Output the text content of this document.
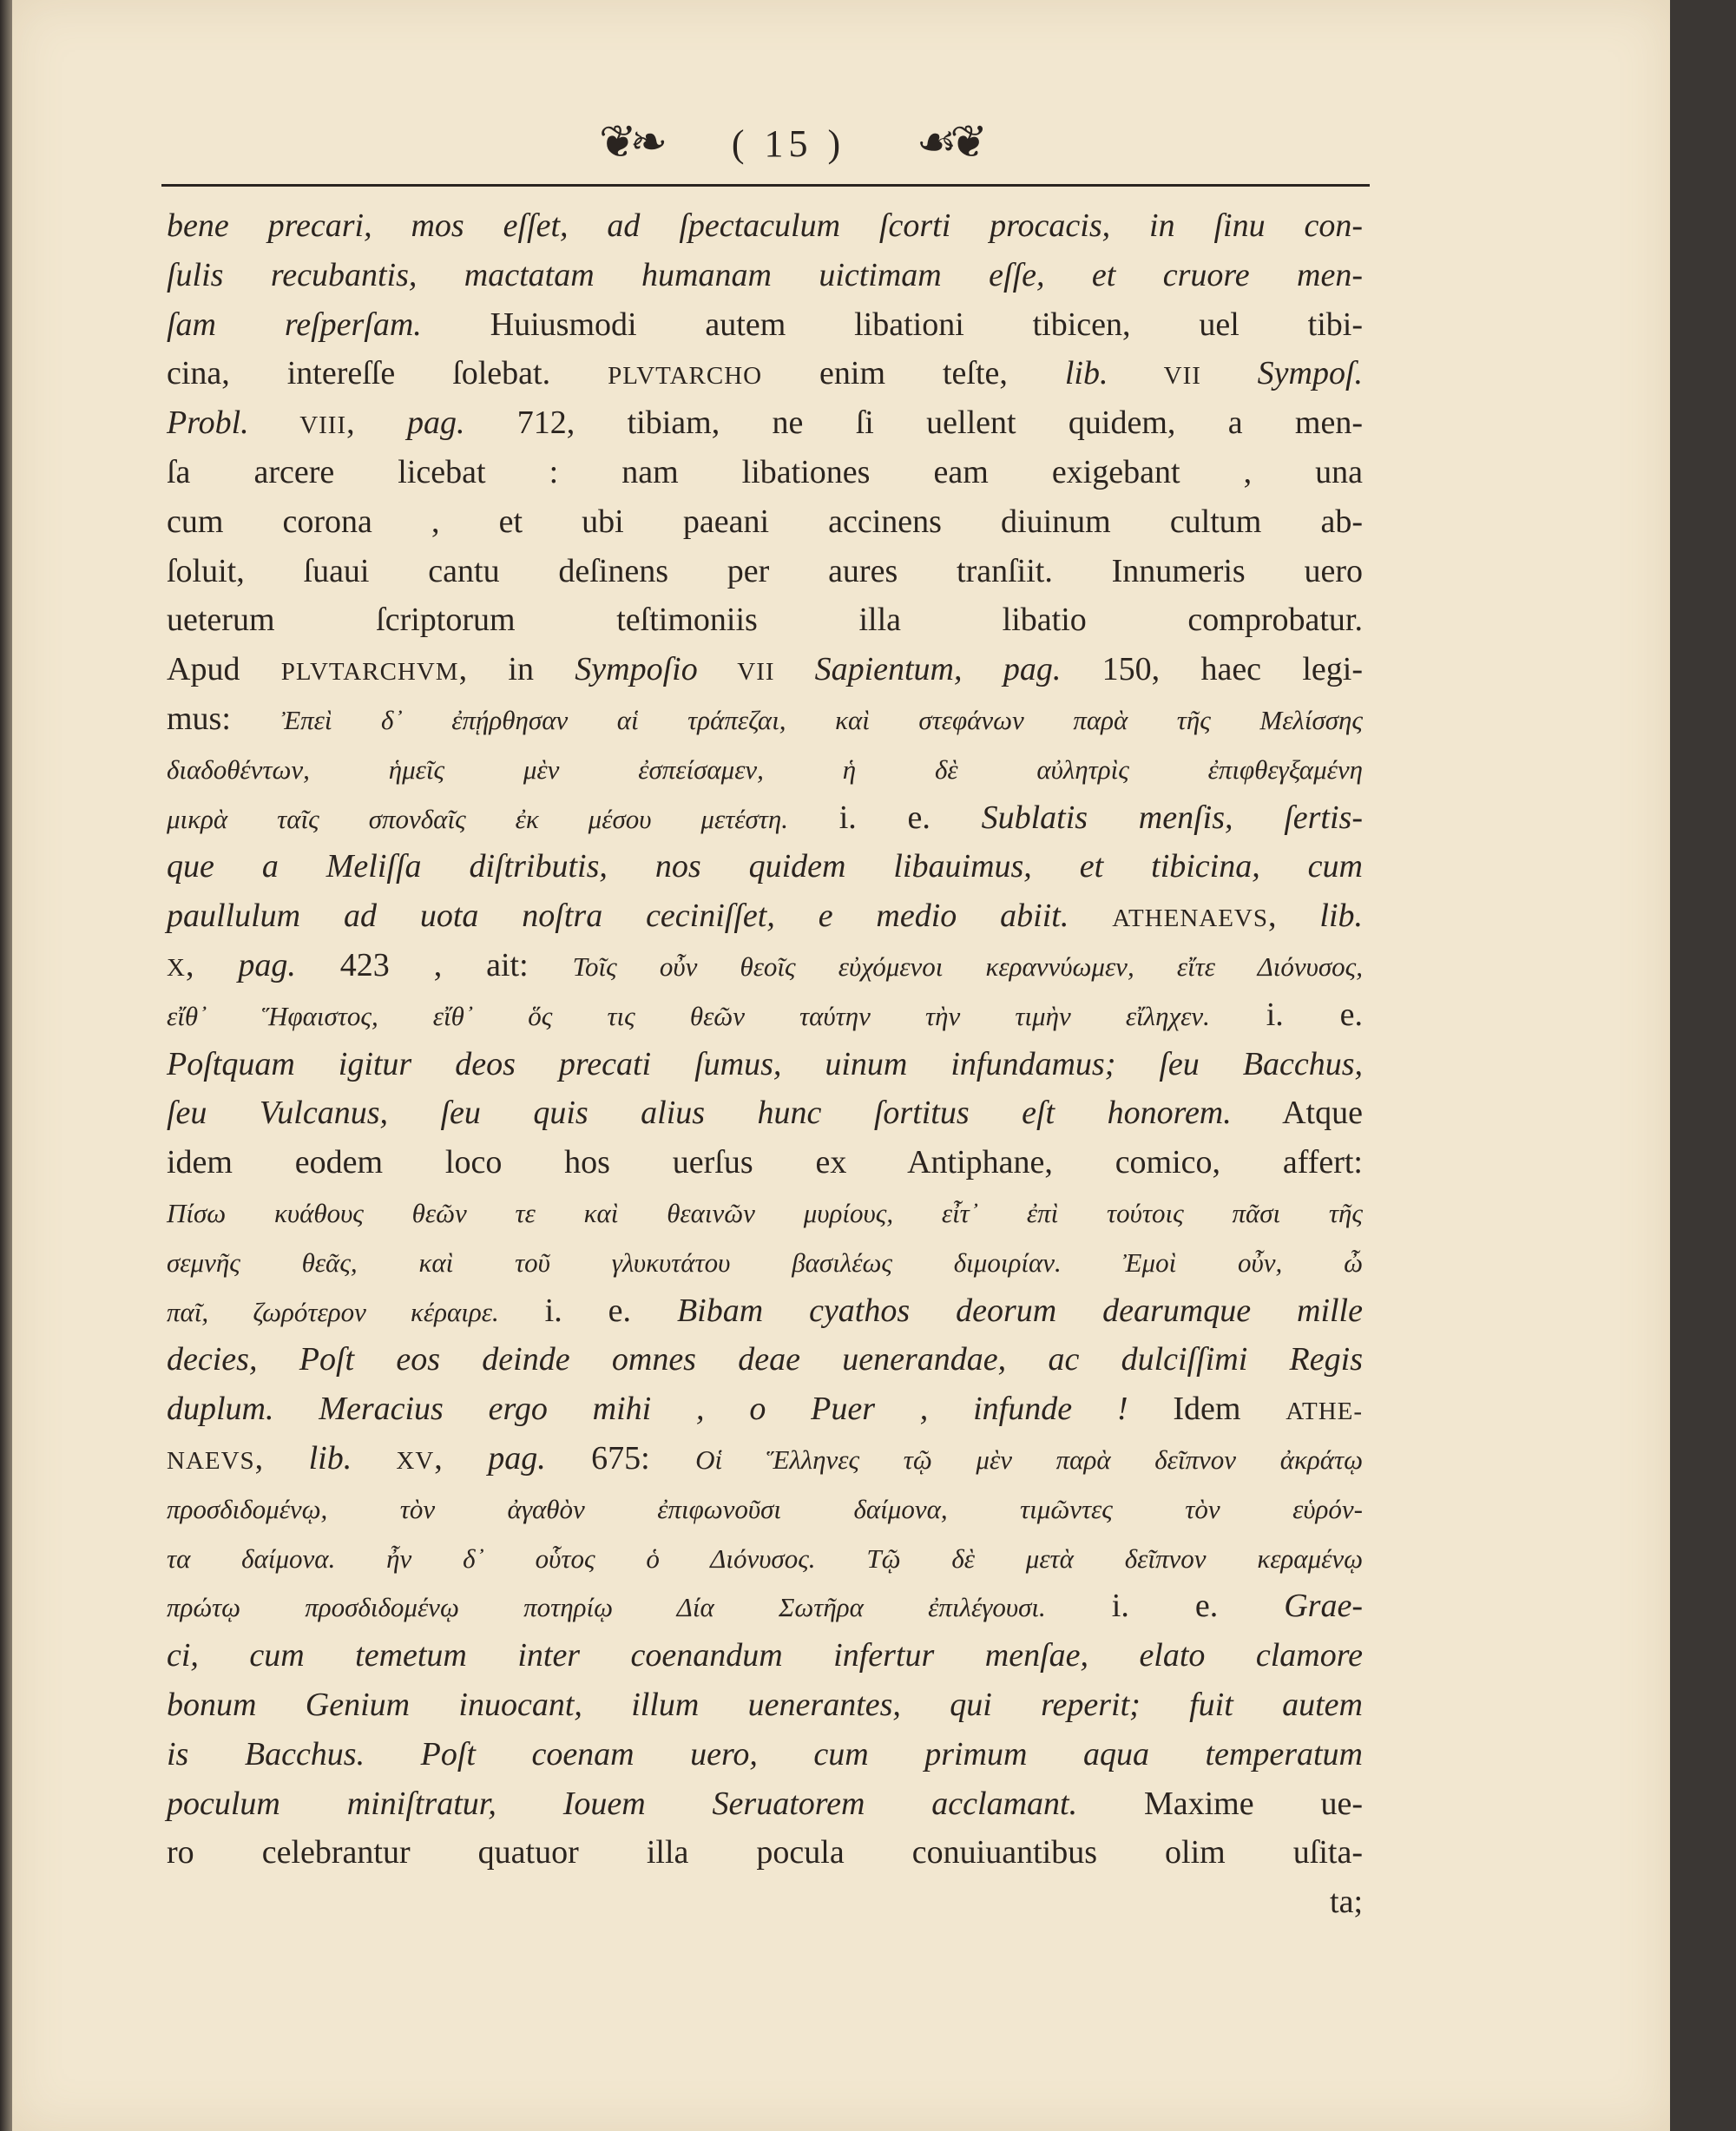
❦❧ ( 15 ) ☙❦
bene precari, mos eſſet, ad ſpectaculum ſcorti procacis, in ſinu con-
ſulis recubantis, mactatam humanam uictimam eſſe, et cruore men-
ſam reſperſam. Huiusmodi autem libationi tibicen, uel tibi-
cina, intereſſe ſolebat. PLVTARCHO enim teſte, lib. VII Sympoſ.
Probl. VIII, pag. 712, tibiam, ne ſi uellent quidem, a men-
ſa arcere licebat : nam libationes eam exigebant , una
cum corona , et ubi paeani accinens diuinum cultum ab-
ſoluit, ſuaui cantu deſinens per aures tranſiit. Innumeris uero
ueterum ſcriptorum teſtimoniis illa libatio comprobatur.
Apud PLVTARCHVM, in Sympoſio VII Sapientum, pag. 150, haec legi-
mus: Ἐπεὶ δ᾽ ἐπῄρθησαν αἱ τράπεζαι, καὶ στεφάνων παρὰ τῆς Μελίσσης
διαδοθέντων, ἡμεῖς μὲν ἐσπείσαμεν, ἡ δὲ αὐλητρὶς ἐπιφθεγξαμένη
μικρὰ ταῖς σπονδαῖς ἐκ μέσου μετέστη. i. e. Sublatis menſis, ſertis-
que a Meliſſa diſtributis, nos quidem libauimus, et tibicina, cum
paullulum ad uota noſtra ceciniſſet, e medio abiit. ATHENAEVS, lib.
X, pag. 423 , ait: Τοῖς οὖν θεοῖς εὐχόμενοι κεραννύωμεν, εἴτε Διόνυσος,
εἴθ᾽ Ἥφαιστος, εἴθ᾽ ὅς τις θεῶν ταύτην τὴν τιμὴν εἴληχεν. i. e.
Poſtquam igitur deos precati ſumus, uinum infundamus; ſeu Bacchus,
ſeu Vulcanus, ſeu quis alius hunc ſortitus eſt honorem. Atque
idem eodem loco hos uerſus ex Antiphane, comico, affert:
Πίσω κυάθους θεῶν τε καὶ θεαινῶν μυρίους, εἶτ᾽ ἐπὶ τούτοις πᾶσι τῆς
σεμνῆς θεᾶς, καὶ τοῦ γλυκυτάτου βασιλέως διμοιρίαν. Ἐμοὶ οὖν, ὦ
παῖ, ζωρότερον κέραιρε. i. e. Bibam cyathos deorum dearumque mille
decies, Poſt eos deinde omnes deae uenerandae, ac dulciſſimi Regis
duplum. Meracius ergo mihi , o Puer , infunde ! Idem ATHE-
NAEVS, lib. XV, pag. 675: Οἱ Ἕλληνες τῷ μὲν παρὰ δεῖπνον ἀκράτῳ
προσδιδομένῳ, τὸν ἀγαθὸν ἐπιφωνοῦσι δαίμονα, τιμῶντες τὸν εὑρόν-
τα δαίμονα. ἦν δ᾽ οὗτος ὁ Διόνυσος. Τῷ δὲ μετὰ δεῖπνον κεραμένῳ
πρώτῳ προσδιδομένῳ ποτηρίῳ Δία Σωτῆρα ἐπιλέγουσι. i. e. Grae-
ci, cum temetum inter coenandum infertur menſae, elato clamore
bonum Genium inuocant, illum uenerantes, qui reperit; fuit autem
is Bacchus. Poſt coenam uero, cum primum aqua temperatum
poculum miniſtratur, Iouem Seruatorem acclamant. Maxime ue-
ro celebrantur quatuor illa pocula conuiuantibus olim uſita-
ta;
